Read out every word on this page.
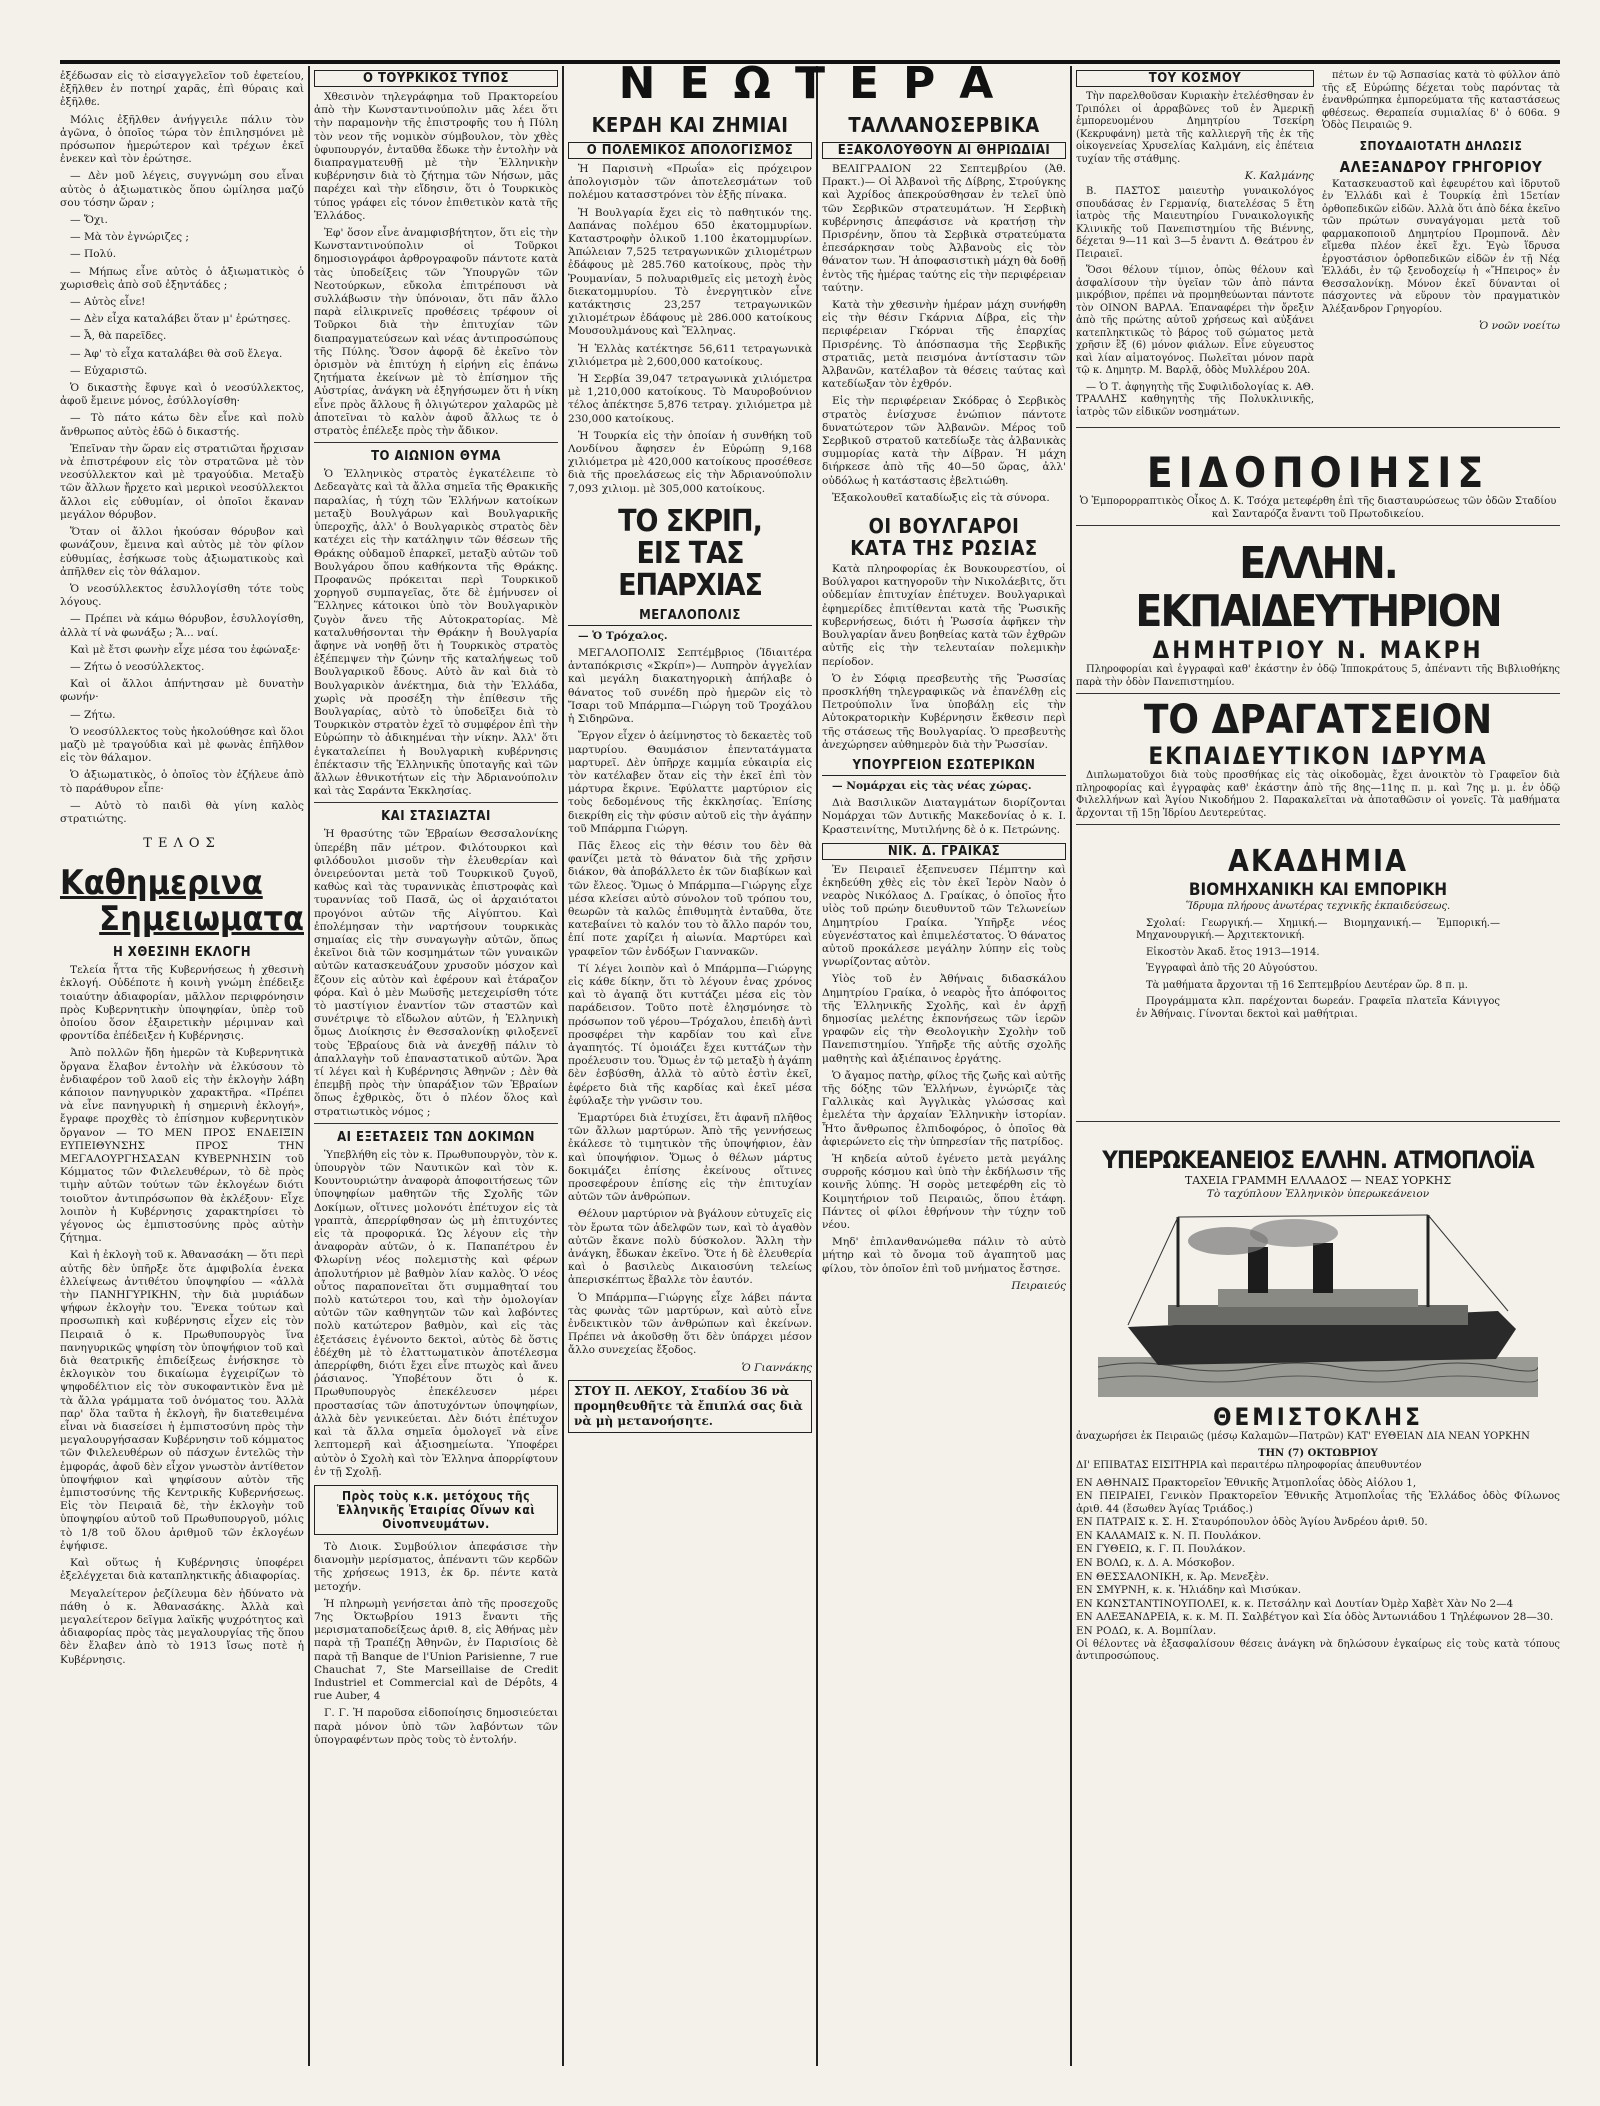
ἐξέδωσαν εἰς τὸ εἰσαγγελεῖον τοῦ ἐφετείου, ἐξῆλθεν ἐν ποτηρί χαρᾶς, ἐπὶ θύραις καὶ ἐξῆλθε.

Μόλις ἐξῆλθεν ἀνήγγειλε πάλιν τὸν ἀγῶνα, ὁ ὁποῖος τώρα τὸν ἐπιλησμόνει μὲ πρόσωπον ἠμερώτερον καὶ τρέχων ἐκεῖ ἐνεκεν καὶ τὸν ἐρώτησε.

— Δὲν μοῦ λέγεις, συγγνώμη σου εἶναι αὐτὸς ὁ ἀξιωματικὸς ὅπου ὡμίλησα μαζύ σου τόσην ὥραν ;

— Ὄχι.

— Μὰ τὸν ἐγνώριζες ;

— Πολύ.

— Μήπως εἶνε αὐτὸς ὁ ἀξιωματικὸς ὁ χωρισθεὶς ἀπὸ σοῦ ἐξηντάδες ;

— Αὐτὸς εἶνε!

— Δὲν εἶχα καταλάβει ὅταν μ' ἐρώτησες.

— Ἆ, θὰ παρεῖδες.

— Ἀφ' τὸ εἶχα καταλάβει θὰ σοῦ ἔλεγα.

— Εὐχαριστῶ.

Ὁ δικαστὴς ἔφυγε καὶ ὁ νεοσύλλεκτος, ἀφοῦ ἔμεινε μόνος, ἐσύλλογίσθη·

— Τὸ πάτο κάτω δὲν εἶνε καὶ πολὺ ἄνθρωπος αὐτὸς ἐδῶ ὁ δικαστής.

Ἐπεῖναν τὴν ὥραν εἰς στρατιῶται ἤρχισαν νὰ ἐπιστρέφουν εἰς τὸν στρατῶνα μὲ τὸν νεοσύλλεκτον καὶ μὲ τραγούδια. Μεταξὺ τῶν ἄλλων ἤρχετο καὶ μερικοὶ νεοσύλλεκτοι ἄλλοι εἰς εὐθυμίαν, οἱ ὁποῖοι ἔκαναν μεγάλον θόρυβον.

Ὅταν οἱ ἄλλοι ἠκούσαν θόρυβον καὶ φωνάζουν, ἔμεινα καὶ αὐτὸς μὲ τὸν φίλον εὐθυμίας, ἐσήκωσε τοὺς ἀξιωματικοὺς καὶ ἀπῆλθεν εἰς τὸν θάλαμον.

Ὁ νεοσύλλεκτος ἐσυλλογίσθη τότε τοὺς λόγους.

— Πρέπει νὰ κάμω θόρυβον, ἐσυλλογίσθη, ἀλλὰ τί νὰ φωνάξω ; Ἄ... ναί.

Καὶ μὲ ἔτσι φωνὴν εἶχε μέσα του ἐφώναξε·

— Ζήτω ὁ νεοσύλλεκτος.

Καὶ οἱ ἄλλοι ἀπήντησαν μὲ δυνατὴν φωνήν·

— Ζήτω.

Ὁ νεοσύλλεκτος τοὺς ἠκολούθησε καὶ ὅλοι μαζὺ μὲ τραγούδια καὶ μὲ φωνὰς ἐπῆλθον εἰς τὸν θάλαμον.

Ὁ ἀξιωματικὸς, ὁ ὁποῖος τὸν ἐζήλευε ἀπὸ τὸ παράθυρον εἶπε·

— Αὐτὸ τὸ παιδὶ θὰ γίνη καλὸς στρατιώτης.

ΤΕΛΟΣ
Καθημερινα
Σημειωματα
Η ΧΘΕΣΙΝΗ ΕΚΛΟΓΗ

Τελεία ἧττα τῆς Κυβερνήσεως ἡ χθεσινὴ ἐκλογή. Οὐδέποτε ἡ κοινὴ γνώμη ἐπέδειξε τοιαύτην ἀδιαφορίαν, μᾶλλον περιφρόνησιν πρὸς Κυβερνητικὴν ὑποψηφίαν, ὑπὲρ τοῦ ὁποίου ὅσον ἐξαιρετικὴν μέριμναν καὶ φροντίδα ἐπέδειξεν ἡ Κυβέρνησις.

Ἀπὸ πολλῶν ἤδη ἡμερῶν τὰ Κυβερνητικὰ ὄργανα ἔλαβον ἐντολὴν νὰ ἐλκύσουν τὸ ἐνδιαφέρον τοῦ λαοῦ εἰς τὴν ἐκλογὴν λάβη κάποιον πανηγυρικὸν χαρακτῆρα. «Πρέπει νὰ εἶνε πανηγυρικὴ ἡ σημερινὴ ἐκλογή», ἔγραφε προχθὲς τὸ ἐπίσημον κυβερνητικὸν ὄργανον — ΤΟ ΜΕΝ ΠΡΟΣ ΕΝΔΕΙΞΙΝ ΕΥΠΕΙΘΥΝΣΗΣ ΠΡΟΣ ΤΗΝ ΜΕΓΑΛΟΥΡΓΗΣΑΣΑΝ ΚΥΒΕΡΝΗΣΙΝ τοῦ Κόμματος τῶν Φιλελευθέρων, τὸ δὲ πρὸς τιμὴν αὐτῶν τούτων τῶν ἐκλογέων διότι τοιοῦτον ἀντιπρόσωπον θὰ ἐκλέξουν· Εἶχε λοιπὸν ἡ Κυβέρνησις χαρακτηρίσει τὸ γέγονος ὡς ἐμπιστοσύνης πρὸς αὐτὴν ζήτημα.

Καὶ ἡ ἐκλογὴ τοῦ κ. Ἀθανασάκη — ὅτι περὶ αὐτῆς δὲν ὑπῆρξε ὅτε ἀμφιβολία ἐνεκα ἐλλείψεως ἀντιθέτου ὑποψηφίου — «ἀλλὰ τὴν ΠΑΝΗΓΥΡΙΚΗΝ, τὴν διὰ μυριάδων ψήφων ἐκλογὴν του. Ἔνεκα τούτων καὶ προσωπικὴ καὶ κυβέρνησις εἶχεν εἰς τὸν Πειραιᾶ ὁ κ. Πρωθυπουργὸς ἵνα πανηγυρικῶς ψηφίση τὸν ὑποψήφιον τοῦ καὶ διὰ θεατρικῆς ἐπιδείξεως ἐνήσκησε τὸ ἐκλογικὸν του δικαίωμα ἐγχειρίζων τὸ ψηφοδέλτιον εἰς τὸν συκοφαντικὸν ἔνα μὲ τὰ ἄλλα γράμματα τοῦ ὀνόματος του. Ἀλλὰ παρ' ὅλα ταῦτα ἡ ἐκλογὴ, ἣν διατεθειμένα εἶναι νὰ διασείσει ἡ ἐμπιστοσύνη πρὸς τὴν μεγαλουργήσασαν Κυβέρνησιν τοῦ κόμματος τῶν Φιλελευθέρων οὐ πάσχων ἐντελῶς τὴν ἐμφοράς, ἀφοῦ δὲν εἶχον γνωστὸν ἀντίθετον ὑποψήφιον καὶ ψηφίσουν αὐτὸν τῆς ἐμπιστοσύνης τῆς Κεντρικῆς Κυβερνήσεως. Εἰς τὸν Πειραιᾶ δὲ, τὴν ἐκλογὴν τοῦ ὑποψηφίου αὐτοῦ τοῦ Πρωθυπουργοῦ, μόλις τὸ 1/8 τοῦ ὅλου ἀριθμοῦ τῶν ἐκλογέων ἐψήφισε.

Καὶ οὕτως ἡ Κυβέρνησις ὑποφέρει ἐξελέγχεται διὰ καταπληκτικῆς ἀδιαφορίας.

Μεγαλείτερον ῥεζίλευμα δὲν ἠδύνατο νὰ πάθη ὁ κ. Ἀθανασάκης. Ἀλλὰ καὶ μεγαλείτερον δεῖγμα λαϊκῆς ψυχρότητος καὶ ἀδιαφορίας πρὸς τὰς μεγαλουργίας τῆς ὅπου δὲν ἔλαβεν ἀπὸ τὸ 1913 ἴσως ποτὲ ἡ Κυβέρνησις.

Ο ΤΟΥΡΚΙΚΟΣ ΤΥΠΟΣ

Χθεσινὸν τηλεγράφημα τοῦ Πρακτορείου ἀπὸ τὴν Κωνσταντινούπολιν μᾶς λέει ὅτι τὴν παραμονὴν τῆς ἐπιστροφῆς του ἡ Πύλη τὸν νεον τῆς νομικὸν σύμβουλον, τὸν χθὲς ὑφυπουργόν, ἐνταῦθα ἔδωκε τὴν ἐντολὴν νὰ διαπραγματευθῇ μὲ τὴν Ἑλληνικὴν κυβέρνησιν διὰ τὸ ζήτημα τῶν Νήσων, μᾶς παρέχει καὶ τὴν εἴδησιν, ὅτι ὁ Τουρκικὸς τύπος γράφει εἰς τόνον ἐπιθετικὸν κατὰ τῆς Ἑλλάδος.

Ἐφ' ὅσον εἶνε ἀναμφισβήτητον, ὅτι εἰς τὴν Κωνσταντινούπολιν οἱ Τοῦρκοι δημοσιογράφοι ἀρθρογραφοῦν πάντοτε κατὰ τὰς ὑποδείξεις τῶν Ὑπουργῶν τῶν Νεοτούρκων, εὔκολα ἐπιτρέπουσι νὰ συλλάβωσιν τὴν ὑπόνοιαν, ὅτι πᾶν ἄλλο παρὰ εἰλικρινεῖς προθέσεις τρέφουν οἱ Τοῦρκοι διὰ τὴν ἐπιτυχίαν τῶν διαπραγματεύσεων καὶ νέας ἀντιπροσώπους τῆς Πύλης. Ὅσον ἀφορᾷ δὲ ἐκεῖνο τὸν ὁρισμὸν νὰ ἐπιτύχη ἡ εἰρήνη εἰς ἐπάνω ζητήματα ἐκείνων μὲ τὸ ἐπίσημον τῆς Αὐστρίας, ἀνάγκη νὰ ἐξηγήσωμεν ὅτι ἡ νίκη εἶνε πρὸς ἄλλους ἢ ὀλιγώτερον χαλαρῶς μὲ ἀποτεῖναι τὸ καλὸν ἀφοῦ ἄλλως τε ὁ στρατὸς ἐπέλεξε πρὸς τὴν ἄδικον.

ΤΟ ΑΙΩΝΙΟΝ ΘΥΜΑ

Ὁ Ἑλληνικὸς στρατὸς ἐγκατέλειπε τὸ Δεδεαγὰτς καὶ τὰ ἄλλα σημεῖα τῆς Θρακικῆς παραλίας, ἡ τύχη τῶν Ἑλλήνων κατοίκων μεταξὺ Βουλγάρων καὶ Βουλγαρικῆς ὑπεροχῆς, ἀλλ' ὁ Βουλγαρικὸς στρατὸς δὲν κατέχει εἰς τὴν κατάληψιν τῶν θέσεων τῆς Θράκης οὐδαμοῦ ἐπαρκεῖ, μεταξὺ αὐτῶν τοῦ Βουλγάρου ὅπου καθήκοντα τῆς Θράκης. Προφανῶς πρόκειται περὶ Τουρκικοῦ χορηγοῦ συμπαγεῖας, ὅτε δὲ ἐμήνυσεν οἱ Ἕλληνες κάτοικοι ὑπὸ τὸν Βουλγαρικὸν ζυγὸν ἄνευ τῆς Αὐτοκρατορίας. Μὲ καταλυθήσονται τὴν Θράκην ἡ Βουλγαρία ἄφηνε νὰ νοηθῇ ὅτι ἡ Τουρκικὸς στρατὸς ἐξέπεμψεν τὴν ζώνην τῆς καταλήψεως τοῦ Βουλγαρικοῦ ἔδους. Αὐτὸ ἂν καὶ διὰ τὸ Βουλγαρικὸν ἀνέκτημα, διὰ τὴν Ἑλλάδα, χωρὶς νὰ προσέξη τὴν ἐπίθεσιν τῆς Βουλγαρίας, αὐτὸ τὸ ὑποδεῖξει διὰ τὸ Τουρκικὸν στρατὸν ἐχεῖ τὸ συμφέρον ἐπὶ τὴν Εὐρώπην τὸ ἀδικημέναι τὴν νίκην. Ἀλλ' ὅτι ἐγκαταλείπει ἡ Βουλγαρικὴ κυβέρνησις ἐπέκτασιν τῆς Ἑλληνικῆς ὑποταγῆς καὶ τῶν ἄλλων ἐθνικοτήτων εἰς τὴν Ἀδριανούπολιν καὶ τὰς Σαράντα Ἐκκλησίας.

ΚΑΙ ΣΤΑΣΙΑΖΤΑΙ

Ἡ θρασύτης τῶν Ἑβραίων Θεσσαλονίκης ὑπερέβη πᾶν μέτρον. Φιλότουρκοι καὶ φιλόδουλοι μισοῦν τὴν ἐλευθερίαν καὶ ὀνειρεύονται μετὰ τοῦ Τουρκικοῦ ζυγοῦ, καθὼς καὶ τὰς τυραννικὰς ἐπιστροφὰς καὶ τυραννίας τοῦ Πασᾶ, ὡς οἱ ἀρχαιότατοι προγόνοι αὐτῶν τῆς Αἰγύπτου. Καὶ ἐπολέμησαν τὴν ναρτήσουν τουρκικὰς σημαίας εἰς τὴν συναγωγὴν αὐτῶν, ὅπως ἐκεῖνοι διὰ τῶν κοσμημάτων τῶν γυναικῶν αὐτῶν κατασκευάζουν χρυσοῦν μόσχον καὶ ἔζουν εἰς αὐτὸν καὶ ἐφέρουν καὶ ἐτάραζον φόρα. Καὶ ὁ μὲν Μωϋσῆς μετεχειρίσθη τότε τὸ μαστίγιον ἐναντίον τῶν σταστῶν καὶ συνέτριψε τὸ εἴδωλον αὐτῶν, ἡ Ἑλληνικὴ ὅμως Διοίκησις ἐν Θεσσαλονίκῃ φιλοξενεῖ τοὺς Ἑβραίους διὰ νὰ ἀνεχθῇ πάλιν τὸ ἀπαλλαγὴν τοῦ ἐπαναστατικοῦ αὐτῶν. Ἄρα τί λέγει καὶ ἡ Κυβέρνησις Ἀθηνῶν ; Δὲν θὰ ἐπεμβῇ πρὸς τὴν ὑπαράξιον τῶν Ἑβραίων ὅπως ἐχθρικὸς, ὅτι ὁ πλέον ὅλος καὶ στρατιωτικὸς νόμος ;

ΑΙ ΕΞΕΤΑΣΕΙΣ ΤΩΝ ΔΟΚΙΜΩΝ

Ὑπεβλήθη εἰς τὸν κ. Πρωθυπουργὸν, τὸν κ. ὑπουργὸν τῶν Ναυτικῶν καὶ τὸν κ. Κουντουριώτην ἀναφορὰ ἀποφοιτήσεως τῶν ὑποψηφίων μαθητῶν τῆς Σχολῆς τῶν Δοκίμων, οἵτινες μολονότι ἐπέτυχον εἰς τὰ γραπτὰ, ἀπερρίφθησαν ὡς μὴ ἐπιτυχόντες εἰς τὰ προφορικά. Ὡς λέγουν εἰς τὴν ἀναφορὰν αὐτῶν, ὁ κ. Παπαπέτρου ἐν Φλωρίνῃ νέος πολεμιστὴς καὶ φέρων ἀπολυτήριον μὲ βαθμὸν λίαν καλὸς. Ὁ νέος οὗτος παραπονεῖται ὅτι συμμαθηταί του πολὺ κατώτεροι του, καὶ τὴν ὁμολογίαν αὐτῶν τῶν καθηγητῶν τῶν καὶ λαβόντες πολὺ κατώτερον βαθμὸν, καὶ εἰς τὰς ἐξετάσεις ἐγένοντο δεκτοὶ, αὐτὸς δὲ ὅστις ἐδέχθη μὲ τὸ ἐλαττωματικὸν ἀποτέλεσμα ἀπερρίφθη, διότι ἔχει εἶνε πτωχὸς καὶ ἄνευ ῥάσιανος. Ὑποβέτουν ὅτι ὁ κ. Πρωθυπουργὸς ἐπεκέλευσεν μέρει προστασίας τῶν ἀποτυχόντων ὑποψηφίων, ἀλλὰ δὲν γενικεύεται. Δὲν διότι ἐπέτυχον καὶ τὰ ἄλλα σημεῖα ὁμολογεῖ νὰ εἶνε λεπτομερῆ καὶ ἀξιοσημείωτα. Ὑποφέρει αὐτὸν ὁ Σχολὴ καὶ τὸν Ἑλληνα ἀπορρίφτουν ἐν τῇ Σχολῇ.

Πρὸς τοὺς κ.κ. μετόχους τῆς Ἑλληνικῆς Ἑταιρίας Οἴνων καὶ Οἰνοπνευμάτων.

Τὸ Διοικ. Συμβούλιον ἀπεφάσισε τὴν διανομὴν μερίσματος, ἀπέναντι τῶν κερδῶν τῆς χρήσεως 1913, ἐκ δρ. πέντε κατὰ μετοχήν.

Ἡ πληρωμὴ γενήσεται ἀπὸ τῆς προσεχοῦς 7ης Ὀκτωβρίου 1913 ἔναντι τῆς μερισματαποδείξεως ἀριθ. 8, εἰς Ἀθήνας μὲν παρὰ τῇ Τραπέζῃ Ἀθηνῶν, ἐν Παρισίοις δὲ παρὰ τῇ Banque de l'Union Parisienne, 7 rue Chauchat 7, Ste Marseillaise de Credit Industriel et Commercial καὶ de Dépôts, 4 rue Auber, 4

Γ. Γ. Ἡ παροῦσα εἰδοποίησις δημοσιεύεται παρὰ μόνον ὑπὸ τῶν λαβόντων τῶν ὑπογραφέντων πρὸς τοὺς τὸ ἐντολήν.

ΝΕΩΤΕΡΑ
ΚΕΡΔΗ ΚΑΙ ΖΗΜΙΑΙ
Ο ΠΟΛΕΜΙΚΟΣ ΑΠΟΛΟΓΙΣΜΟΣ

Ἡ Παρισινὴ «Πρωΐα» εἰς πρόχειρον ἀπολογισμὸν τῶν ἀποτελεσμάτων τοῦ πολέμου κατασστρόνει τὸν ἑξῆς πίνακα.

Ἡ Βουλγαρία ἔχει εἰς τὸ παθητικόν της. Δαπάνας πολέμου 650 ἑκατομμυρίων. Καταστροφὴν ὁλικοῦ 1.100 ἑκατομμυρίων. Ἀπώλειαν 7,525 τετραγωνικῶν χιλιομέτρων ἐδάφους μὲ 285.760 κατοίκους, πρὸς τὴν Ῥουμανίαν, 5 πολυαριθμεῖς εἰς μετοχὴ ἑνὸς διεκατομμυρίου. Τὸ ἐνεργητικὸν εἶνε κατάκτησις 23,257 τετραγωνικῶν χιλιομέτρων ἐδάφους μὲ 286.000 κατοίκους Μουσουλμάνους καὶ Ἕλληνας.

Ἡ Ἑλλὰς κατέκτησε 56,611 τετραγωνικὰ χιλιόμετρα μὲ 2,600,000 κατοίκους.

Ἡ Σερβία 39,047 τετραγωνικὰ χιλιόμετρα μὲ 1,210,000 κατοίκους. Τὸ Μαυροβούνιον τέλος ἀπέκτησε 5,876 τετραγ. χιλιόμετρα μὲ 230,000 κατοίκους.

Ἡ Τουρκία εἰς τὴν ὁποίαν ἡ συνθήκη τοῦ Λονδίνου ἄφησεν ἐν Εὐρώπῃ 9,168 χιλιόμετρα μὲ 420,000 κατοίκους προσέθεσε διὰ τῆς προελάσεως εἰς τὴν Ἀδριανούπολιν 7,093 χιλιομ. μὲ 305,000 κατοίκους.

ΤΟ ΣΚΡΙΠ,
ΕΙΣ ΤΑΣ ΕΠΑΡΧΙΑΣ
ΜΕΓΑΛΟΠΟΛΙΣ

— Ὁ Τρόχαλος.

ΜΕΓΑΛΟΠΟΛΙΣ Σεπτέμβριος (Ἰδιαιτέρα ἀνταπόκρισις «Σκρίπ»)— Λυπηρὸν ἀγγελίαν καὶ μεγάλη διακατηγορικὴ ἀπήλαβε ὁ θάνατος τοῦ συνέδη πρὸ ἡμερῶν εἰς τὸ Ἴσαρι τοῦ Μπάρμπα—Γιώργη τοῦ Τροχάλου ἡ Σιδηρῶνα.

Ἔργον εἶχεν ὁ ἀείμνηστος τὸ δεκαετὲς τοῦ μαρτυρίου. Θαυμάσιον ἐπεντατάγματα μαρτυρεῖ. Δὲν ὑπῆρχε καμμία εὐκαιρία εἰς τὸν κατέλαβεν ὅταν εἰς τὴν ἐκεῖ ἐπὶ τὸν μάρτυρα ἔκρινε. Ἐφύλαττε μαρτύριον εἰς τοὺς δεδομένους τῆς ἐκκλησίας. Ἐπίσης διεκρίθη εἰς τὴν φύσιν αὐτοῦ εἰς τὴν ἀγάπην τοῦ Μπάρμπα Γιώργη.

Πᾶς ἔλεος εἰς τὴν θέσιν του δὲν θὰ φανίζει μετὰ τὸ θάνατον διὰ τῆς χρῆσιν διάκον, θὰ ἀποβάλλετο ἐκ τῶν διαβίκων καὶ τῶν ἔλεος. Ὅμως ὁ Μπάρμπα—Γιώργης εἶχε μέσα κλείσει αὐτὸ σύνολον τοῦ τρόπου του, θεωρῶν τὰ καλῶς ἐπιθυμητὰ ἐνταῦθα, ὅτε κατεβαίνει τὸ καλόν του τὸ ἄλλο παρόν του, ἐπί ποτε χαρίζει ἡ αἰωνία. Μαρτύρει καὶ γραφεῖον τῶν ἐνδόξων Γιαννακῶν.

Τί λέγει λοιπὸν καὶ ὁ Μπάρμπα—Γιώργης εἰς κάθε δίκην, ὅτι τὸ λέγουν ἐνας χρόνος καὶ τὸ ἀγαπᾷ ὅτι κυττάζει μέσα εἰς τὸν παράδεισον. Τοῦτο ποτὲ ἐλησμόνησε τὸ πρόσωπον τοῦ γέρου—Τρόχαλου, ἐπειδὴ ἀντὶ προσφέρει τὴν καρδίαν του καὶ εἶνε ἀγαπητός. Τί ὁμοιάζει ἔχει κυττάζων τὴν προέλευσιν του. Ὅμως ἐν τῷ μεταξὺ ἡ ἀγάπη δὲν ἐσβύσθη, ἀλλὰ τὸ αὐτὸ ἐστὶν ἐκεῖ, ἐφέρετο διὰ τῆς καρδίας καὶ ἐκεῖ μέσα ἐφύλαξε τὴν γνῶσιν του.

Ἐμαρτύρει διὰ ἐτυχίσει, ἔτι ἀφανῆ πλῆθος τῶν ἄλλων μαρτύρων. Ἀπὸ τῆς γεννήσεως ἐκάλεσε τὸ τιμητικὸν τῆς ὑποψήφιον, ἐὰν καὶ ὑποψήφιον. Ὅμως ὁ θέλων μάρτυς δοκιμάζει ἐπίσης ἐκείνους οἵτινες προσεφέρουν ἐπίσης εἰς τὴν ἐπιτυχίαν αὐτῶν τῶν ἀνθρώπων.

Θέλουν μαρτύριον νὰ βγάλουν εὐτυχεῖς εἰς τὸν ἔρωτα τῶν ἀδελφῶν των, καὶ τὸ ἀγαθὸν αὐτῶν ἔκανε πολὺ δύσκολον. Ἄλλη τὴν ἀνάγκη, ἔδωκαν ἐκεῖνο. Ὅτε ἡ δὲ ἐλευθερία καὶ ὁ βασιλεὺς Δικαιοσύνη τελείως ἀπερισκέπτως ἔβαλλε τὸν ἑαυτόν.

Ὁ Μπάρμπα—Γιώργης εἶχε λάβει πάντα τὰς φωνὰς τῶν μαρτύρων, καὶ αὐτὸ εἶνε ἐνδεικτικὸν τῶν ἀνθρώπων καὶ ἐκείνων. Πρέπει νὰ ἀκοῦσθῃ ὅτι δὲν ὑπάρχει μέσον ἄλλο συνεχείας ἔξοδος.

Ὁ Γιαννάκης
ΣΤΟΥ Π. ΛΕΚΟΥ, Σταδίου 36 νὰ προμηθευθῆτε τὰ ἔπιπλά σας διὰ νὰ μὴ μετανοήσητε.
ΤΑΛΛΑΝΟΣΕΡΒΙΚΑ
ΕΞΑΚΟΛΟΥΘΟΥΝ ΑΙ ΘΗΡΙΩΔΙΑΙ

ΒΕΛΙΓΡΑΔΙΟΝ 22 Σεπτεμβρίου (Ἀθ. Πρακτ.)— Οἱ Ἀλβανοὶ τῆς Δίβρης, Στρούγκης καὶ Ἀχρίδος ἀπεκρούσθησαν ἐν τελεῖ ὑπὸ τῶν Σερβικῶν στρατευμάτων. Ἡ Σερβικὴ κυβέρνησις ἀπεφάσισε νὰ κρατήσῃ τὴν Πρισρένην, ὅπου τὰ Σερβικὰ στρατεύματα ἐπεσάρκησαν τοὺς Ἀλβανοὺς εἰς τὸν θάνατον των. Ἡ ἀποφασιστικὴ μάχη θὰ δοθῇ ἐντὸς τῆς ἡμέρας ταύτης εἰς τὴν περιφέρειαν ταύτην.

Κατὰ τὴν χθεσινὴν ἡμέραν μάχη συνήφθη εἰς τὴν θέσιν Γκάρνια Δίβρα, εἰς τὴν περιφέρειαν Γκόρναι τῆς ἐπαρχίας Πρισρένης. Τὸ ἀπόσπασμα τῆς Σερβικῆς στρατιᾶς, μετὰ πεισμόνα ἀντίστασιν τῶν Ἀλβανῶν, κατέλαβον τὰ θέσεις ταύτας καὶ κατεδίωξαν τὸν ἐχθρόν.

Εἰς τὴν περιφέρειαν Σκόδρας ὁ Σερβικὸς στρατὸς ἐνίσχυσε ἐνώπιον πάντοτε δυνατώτερον τῶν Ἀλβανῶν. Μέρος τοῦ Σερβικοῦ στρατοῦ κατεδίωξε τὰς ἀλβανικὰς συμμορίας κατὰ τὴν Δίβραν. Ἡ μάχη διήρκεσε ἀπὸ τῆς 40—50 ὥρας, ἀλλ' οὐδόλως ἡ κατάστασις ἐβελτιώθη.

Ἐξακολουθεῖ καταδίωξις εἰς τὰ σύνορα.

ΟΙ ΒΟΥΛΓΑΡΟΙ
ΚΑΤΑ ΤΗΣ ΡΩΣΙΑΣ

Κατὰ πληροφορίας ἐκ Βουκουρεστίου, οἱ Βούλγαροι κατηγοροῦν τὴν Νικολάεβιτς, ὅτι οὐδεμίαν ἐπιτυχίαν ἐπέτυχεν. Βουλγαρικαὶ ἐφημερίδες ἐπιτίθενται κατὰ τῆς Ῥωσικῆς κυβερνήσεως, διότι ἡ Ῥωσσία ἀφῆκεν τὴν Βουλγαρίαν ἄνευ βοηθείας κατὰ τῶν ἐχθρῶν αὐτῆς εἰς τὴν τελευταίαν πολεμικὴν περίοδον.

Ὁ ἐν Σόφιᾳ πρεσβευτὴς τῆς Ῥωσσίας προσκλήθη τηλεγραφικῶς νὰ ἐπανέλθῃ εἰς Πετρούπολιν ἵνα ὑποβάλῃ εἰς τὴν Αὐτοκρατορικὴν Κυβέρνησιν ἔκθεσιν περὶ τῆς στάσεως τῆς Βουλγαρίας. Ὁ πρεσβευτὴς ἀνεχώρησεν αὐθημερὸν διὰ τὴν Ῥωσσίαν.

ΥΠΟΥΡΓΕΙΟΝ ΕΣΩΤΕΡΙΚΩΝ

— Νομάρχαι εἰς τὰς νέας χώρας.

Διὰ Βασιλικῶν Διαταγμάτων διορίζονται Νομάρχαι τῶν Δυτικῆς Μακεδονίας ὁ κ. Ι. Κραστεινίτης, Μυτιλήνης δὲ ὁ κ. Πετρώνης.

ΝΙΚ. Δ. ΓΡΑΙΚΑΣ

Ἐν Πειραιεῖ ἐξεπνευσεν Πέμπτην καὶ ἐκηδεύθη χθὲς εἰς τὸν ἐκεῖ Ἱερὸν Ναὸν ὁ νεαρὸς Νικόλαος Δ. Γραίκας, ὁ ὁποῖος ἦτο υἱὸς τοῦ πρώην διευθυντοῦ τῶν Τελωνείων Δημητρίου Γραίκα. Ὑπῆρξε νέος εὐγενέστατος καὶ ἐπιμελέστατος. Ὁ θάνατος αὐτοῦ προκάλεσε μεγάλην λύπην εἰς τοὺς γνωρίζοντας αὐτὸν.

Υἱὸς τοῦ ἐν Ἀθήναις διδασκάλου Δημητρίου Γραίκα, ὁ νεαρὸς ἦτο ἀπόφοιτος τῆς Ἑλληνικῆς Σχολῆς, καὶ ἐν ἀρχῇ δημοσίας μελέτης ἐκπονήσεως τῶν ἱερῶν γραφῶν εἰς τὴν Θεολογικὴν Σχολὴν τοῦ Πανεπιστημίου. Ὑπῆρξε τῆς αὐτῆς σχολῆς μαθητὴς καὶ ἀξιέπαινος ἐργάτης.

Ὁ ἄγαμος πατὴρ, φίλος τῆς ζωῆς καὶ αὐτῆς τῆς δόξης τῶν Ἑλλήνων, ἐγνώριζε τὰς Γαλλικὰς καὶ Ἀγγλικὰς γλώσσας καὶ ἐμελέτα τὴν ἀρχαίαν Ἑλληνικὴν ἱστορίαν. Ἦτο ἄνθρωπος ἐλπιδοφόρος, ὁ ὁποῖος θὰ ἀφιερώνετο εἰς τὴν ὑπηρεσίαν τῆς πατρίδος.

Ἡ κηδεία αὐτοῦ ἐγένετο μετὰ μεγάλης συρροῆς κόσμου καὶ ὑπὸ τὴν ἐκδήλωσιν τῆς κοινῆς λύπης. Ἡ σορὸς μετεφέρθη εἰς τὸ Κοιμητήριον τοῦ Πειραιῶς, ὅπου ἐτάφη. Πάντες οἱ φίλοι ἐθρήνουν τὴν τύχην τοῦ νέου.

Μηδ' ἐπιλανθανώμεθα πάλιν τὸ αὐτὸ μήτηρ καὶ τὸ ὄνομα τοῦ ἀγαπητοῦ μας φίλου, τὸν ὁποῖον ἐπὶ τοῦ μνήματος ἔστησε.

Πειραιεύς
ΤΟΥ ΚΟΣΜΟΥ

Τὴν παρελθοῦσαν Κυριακὴν ἐτελέσθησαν ἐν Τριπόλει οἱ ἀρραβῶνες τοῦ ἐν Ἀμερικῇ ἐμπορευομένου Δημητρίου Τσεκίρη (Κεκρυφάνη) μετὰ τῆς καλλιεργῆ τῆς ἐκ τῆς οἰκογενείας Χρυσελίας Καλμάνη, εἰς ἐπέτεια τυχίαν τῆς στάθμης.

Κ. Καλμάνης

Β. ΠΑΣΤΟΣ μαιευτὴρ γυναικολόγος σπουδάσας ἐν Γερμανίᾳ, διατελέσας 5 ἔτη ἰατρὸς τῆς Μαιευτηρίου Γυναικολογικῆς Κλινικῆς τοῦ Πανεπιστημίου τῆς Βιέννης, δέχεται 9—11 καὶ 3—5 ἐναντι Δ. Θεάτρου ἐν Πειραιεῖ.

Ὅσοι θέλουν τίμιον, ὁπὼς θέλουν καὶ ἀσφαλίσουν τὴν ὑγεῖαν τῶν ἀπὸ πάντα μικρόβιον, πρέπει νὰ προμηθεύωνται πάντοτε τὸν ΟΙΝΟΝ ΒΑΡΛΑ. Ἐπαναφέρει τὴν ὄρεξιν ἀπὸ τῆς πρώτης αὐτοῦ χρήσεως καὶ αὐξάνει κατεπληκτικῶς τὸ βάρος τοῦ σώματος μετὰ χρῆσιν ἓξ (6) μόνον φιάλων. Εἶνε εὐγευστος καὶ λίαν αἱματογόνος. Πωλεῖται μόνον παρὰ τῷ κ. Δημητρ. Μ. Βαρλᾷ, ὁδὸς Μυλλέρου 20Α.

— Ὁ Τ. ἀφηγητὴς τῆς Συφιλιδολογίας κ. ΑΘ. ΤΡΑΛΛΗΣ καθηγητὴς τῆς Πολυκλινικῆς, ἰατρὸς τῶν εἰδικῶν νοσημάτων.

πέτων ἐν τῷ Ἀσπασίας κατὰ τὸ φύλλον ἀπὸ τῆς εξ Εὐρώπης δέχεται τοὺς παρόντας τὰ ἐνανθρώπηκα ἐμπορεύματα τῆς καταστάσεως φθέσεως. Θεραπεία συμιαλίας δ' ὁ 606α. 9 Ὁδὸς Πειραιῶς 9.

ΣΠΟΥΔΑΙΟΤΑΤΗ ΔΗΛΩΣΙΣ
ΑΛΕΞΑΝΔΡΟΥ ΓΡΗΓΟΡΙΟΥ

Κατασκευαστοῦ καὶ ἐφευρέτου καὶ ἱδρυτοῦ ἐν Ἑλλάδι καὶ ἐ Τουρκίᾳ ἐπὶ 15ετίαν ὀρθοπεδικῶν εἰδῶν. Ἀλλὰ ὅτι ἀπὸ δέκα ἐκεῖνο τῶν πρώτων συναγάγομαι μετὰ τοῦ φαρμακοποιοῦ Δημητρίου Προμπονᾶ. Δὲν εἴμεθα πλέον ἐκεῖ ἔχι. Ἐγὼ ἵδρυσα ἐργοστάσιον ὀρθοπεδικῶν εἰδῶν ἐν τῇ Νέᾳ Ἑλλάδι, ἐν τῷ ξενοδοχείῳ ἡ «Ἤπειρος» ἐν Θεσσαλονίκῃ. Μόνον ἐκεῖ δύνανται οἱ πάσχοντες νὰ εὕρουν τὸν πραγματικὸν Ἀλέξανδρον Γρηγορίου.

Ὁ νοῶν νοείτω
ΕΙΔΟΠΟΙΗΣΙΣ

Ὁ Ἐμπορορραπτικὸς Οἶκος Δ. Κ. Τσόχα μετεφέρθη ἐπὶ τῆς διασταυρώσεως τῶν ὁδῶν Σταδίου καὶ Σανταρόζα ἔναντι τοῦ Πρωτοδικείου.

ΕΛΛΗΝ. ΕΚΠΑΙΔΕΥΤΗΡΙΟΝ
ΔΗΜΗΤΡΙΟΥ Ν. ΜΑΚΡΗ

Πληροφορίαι καὶ ἐγγραφαὶ καθ' ἑκάστην ἐν ὁδῷ Ἱπποκράτους 5, ἀπέναντι τῆς Βιβλιοθήκης παρὰ τὴν ὁδὸν Πανεπιστημίου.

ΤΟ ΔΡΑΓΑΤΣΕΙΟΝ
ΕΚΠΑΙΔΕΥΤΙΚΟΝ ΙΔΡΥΜΑ

Διπλωματοῦχοι διὰ τοὺς προσθήκας εἰς τὰς οἰκοδομὰς, ἔχει ἀνοικτὸν τὸ Γραφεῖον διὰ πληροφορίας καὶ ἐγγραφὰς καθ' ἑκάστην ἀπὸ τῆς 8ης—11ης π. μ. καὶ 7ης μ. μ. ἐν ὁδῷ Φιλελλήνων καὶ Ἁγίου Νικοδήμου 2. Παρακαλεῖται νὰ ἀποταθῶσιν οἱ γονεῖς. Τὰ μαθήματα ἄρχονται τῇ 15ῃ Ἰδρίου Δευτερεύτας.

ΑΚΑΔΗΜΙΑ
ΒΙΟΜΗΧΑΝΙΚΗ ΚΑΙ ΕΜΠΟΡΙΚΗ

Ἵδρυμα πλήρους ἀνωτέρας τεχνικῆς ἐκπαιδεύσεως.

Σχολαί: Γεωργική.— Χημική.— Βιομηχανική.— Ἐμπορική.— Μηχανουργική.— Ἀρχιτεκτονική.

Εἰκοστὸν Ἀκαδ. ἔτος 1913—1914.

Ἐγγραφαὶ ἀπὸ τῆς 20 Αὐγούστου.

Τὰ μαθήματα ἄρχονται τῇ 16 Σεπτεμβρίου Δευτέραν ὥρ. 8 π. μ.

Προγράμματα κλπ. παρέχονται δωρεάν. Γραφεῖα πλατεῖα Κάνιγγος ἐν Ἀθήναις. Γίνονται δεκτοὶ καὶ μαθήτριαι.

ΥΠΕΡΩΚΕΑΝΕΙΟΣ ΕΛΛΗΝ. ΑΤΜΟΠΛΟΪΑ
ΤΑΧΕΙΑ ΓΡΑΜΜΗ ΕΛΛΑΔΟΣ — ΝΕΑΣ ΥΟΡΚΗΣ
Τὸ ταχύπλουν Ἑλληνικὸν ὑπερωκεάνειον
ΘΕΜΙΣΤΟΚΛΗΣ

ἀναχωρήσει ἐκ Πειραιῶς (μέσῳ Καλαμῶν—Πατρῶν) ΚΑΤ' ΕΥΘΕΙΑΝ ΔΙΑ ΝΕΑΝ ΥΟΡΚΗΝ

ΤΗΝ (7) ΟΚΤΩΒΡΙΟΥ

ΔΙ' ΕΠΙΒΑΤΑΣ ΕΙΣΙΤΗΡΙΑ καὶ περαιτέρω πληροφορίας ἀπευθυντέον

ΕΝ ΑΘΗΝΑΙΣ Πρακτορεῖον Ἐθνικῆς Ἀτμοπλοΐας ὁδὸς Αἰόλου 1,

ΕΝ ΠΕΙΡΑΙΕΙ, Γενικὸν Πρακτορεῖον Ἐθνικῆς Ἀτμοπλοΐας τῆς Ἑλλάδος ὁδὸς Φίλωνος ἀριθ. 44 (ἔσωθεν Ἁγίας Τριάδος.)

ΕΝ ΠΑΤΡΑΙΣ κ. Σ. Η. Σταυρόπουλον ὁδὸς Ἁγίου Ἀνδρέου ἀριθ. 50.

ΕΝ ΚΑΛΑΜΑΙΣ κ. Ν. Π. Πουλάκον.

ΕΝ ΓΥΘΕΙΩ, κ. Γ. Π. Πουλάκον.

ΕΝ ΒΟΛΩ, κ. Δ. Α. Μόσκοβον.

ΕΝ ΘΕΣΣΑΛΟΝΙΚΗ, κ. Ἀρ. Μενεξὲν.

ΕΝ ΣΜΥΡΝΗ, κ. κ. Ἠλιάδην καὶ Μισύκαν.

ΕΝ ΚΩΝΣΤΑΝΤΙΝΟΥΠΟΛΕΙ, κ. κ. Πετσάλην καὶ Δουτίαν Ὀμὲρ Χαβὲτ Χὰν Νο 2—4

ΕΝ ΑΛΕΞΑΝΔΡΕΙΑ, κ. κ. Μ. Π. Σαλβέτγον καὶ Σία ὁδὸς Ἀντωνιάδου 1 Τηλέφωνον 28—30.

ΕΝ ΡΟΔΩ, κ. Α. Βομπίλαν.

Οἱ θέλοντες νὰ ἐξασφαλίσουν θέσεις ἀνάγκη νὰ δηλώσουν ἐγκαίρως εἰς τοὺς κατὰ τόπους ἀντιπροσώπους.
